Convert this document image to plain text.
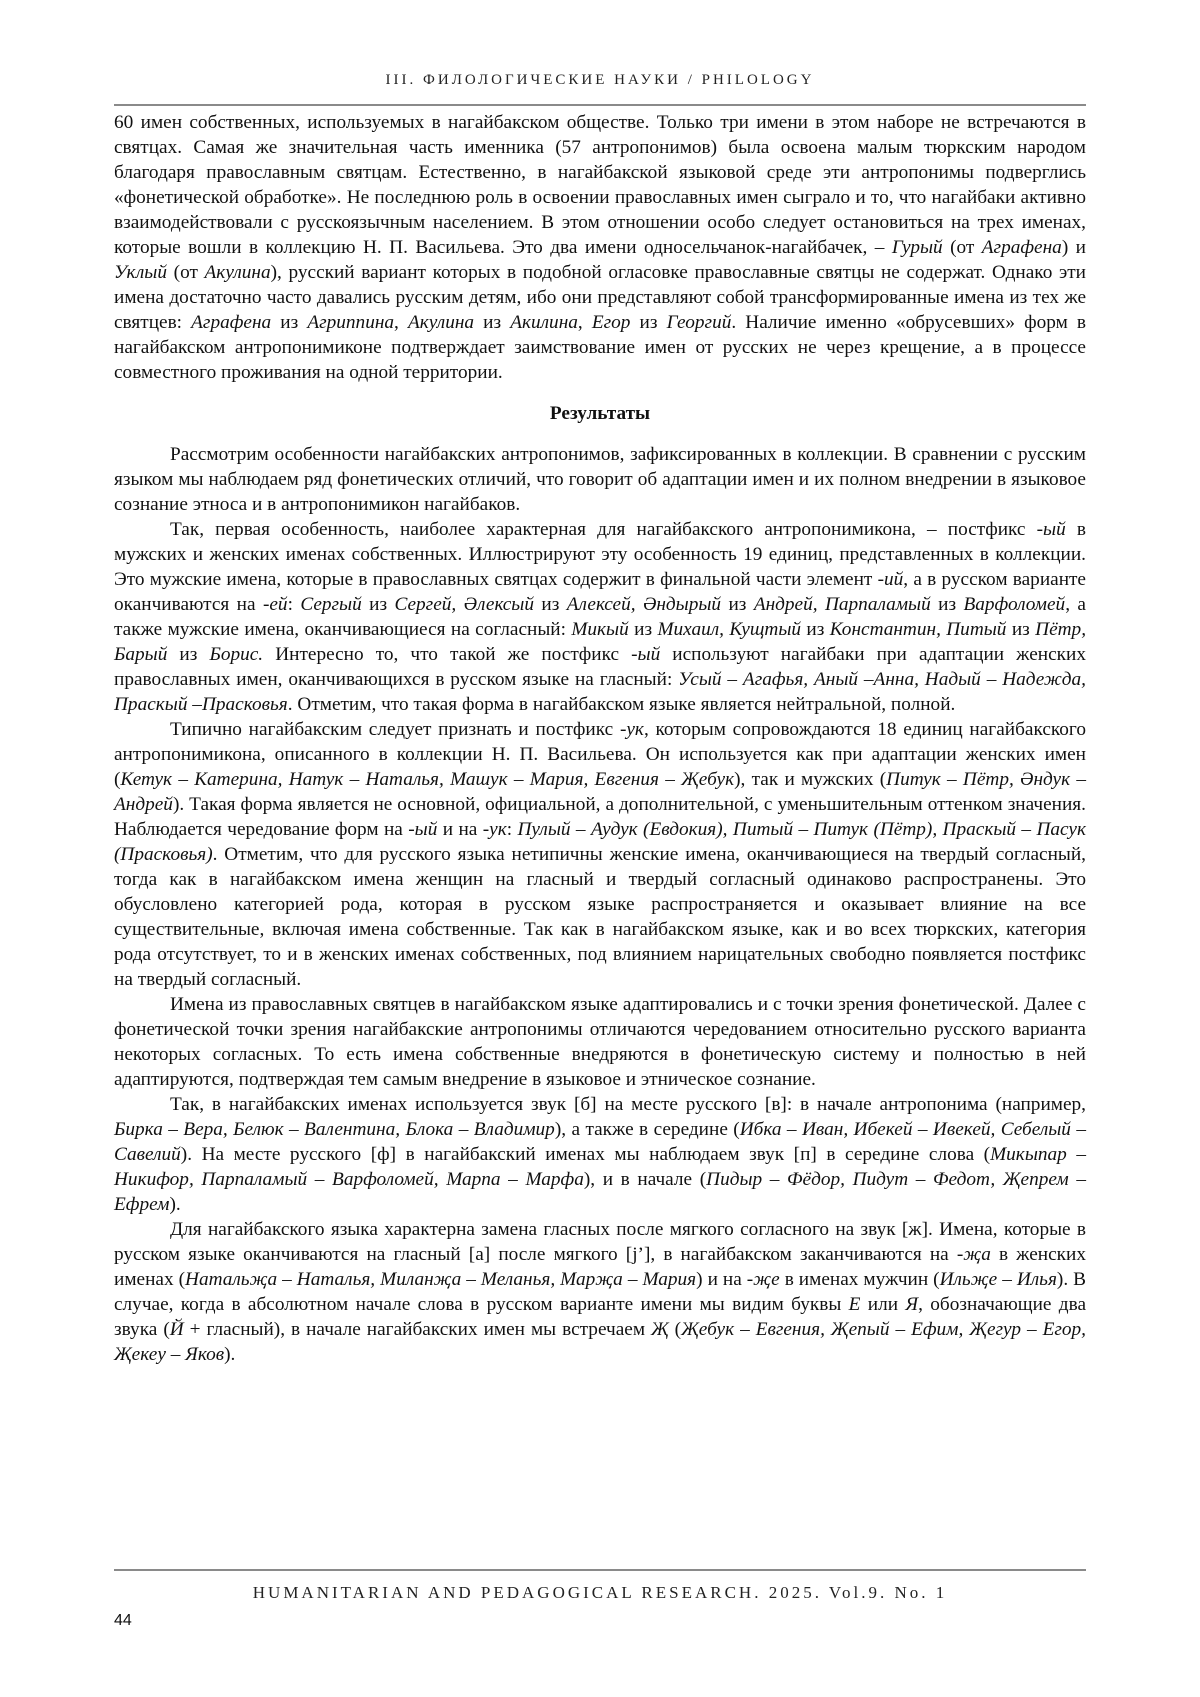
III. ФИЛОЛОГИЧЕСКИЕ НАУКИ / PHILOLOGY

60 имен собственных, используемых в нагайбакском обществе. Только три имени в этом наборе не встречаются в святцах. Самая же значительная часть именника (57 антропонимов) была освоена малым тюркским народом благодаря православным святцам. Естественно, в нагайбакской языковой среде эти антропонимы подверглись «фонетической обработке». Не последнюю роль в освоении православных имен сыграло и то, что нагайбаки активно взаимодействовали с русскоязычным населением. В этом отношении особо следует остановиться на трех именах, которые вошли в коллекцию Н. П. Васильева. Это два имени односельчанок-нагайбачек, – Гурый (от Аграфена) и Уклый (от Акулина), русский вариант которых в подобной огласовке православные святцы не содержат. Однако эти имена достаточно часто давались русским детям, ибо они представляют собой трансформированные имена из тех же святцев: Аграфена из Агриппина, Акулина из Акилина, Егор из Георгий. Наличие именно «обрусевших» форм в нагайбакском антропонимиконе подтверждает заимствование имен от русских не через крещение, а в процессе совместного проживания на одной территории.

Результаты

Рассмотрим особенности нагайбакских антропонимов, зафиксированных в коллекции. В сравнении с русским языком мы наблюдаем ряд фонетических отличий, что говорит об адаптации имен и их полном внедрении в языковое сознание этноса и в антропонимикон нагайбаков.

Так, первая особенность, наиболее характерная для нагайбакского антропонимикона, – постфикс -ый в мужских и женских именах собственных. Иллюстрируют эту особенность 19 единиц, представленных в коллекции. Это мужские имена, которые в православных святцах содержит в финальной части элемент -ий, а в русском варианте оканчиваются на -ей: Сергый из Сергей, Әлексый из Алексей, Әндырый из Андрей, Парпаламый из Варфоломей, а также мужские имена, оканчивающиеся на согласный: Микый из Михаил, Кущтый из Константин, Питый из Пётр, Барый из Борис. Интересно то, что такой же постфикс -ый используют нагайбаки при адаптации женских православных имен, оканчивающихся в русском языке на гласный: Усый – Агафья, Аный –Анна, Надый – Надежда, Праскый –Прасковья. Отметим, что такая форма в нагайбакском языке является нейтральной, полной.

Типично нагайбакским следует признать и постфикс -ук, которым сопровождаются 18 единиц нагайбакского антропонимикона, описанного в коллекции Н. П. Васильева. Он используется как при адаптации женских имен (Кетук – Катерина, Натук – Наталья, Машук – Мария, Евгения – Җебук), так и мужских (Питук – Пётр, Әндук – Андрей). Такая форма является не основной, официальной, а дополнительной, с уменьшительным оттенком значения. Наблюдается чередование форм на -ый и на -ук: Пулый – Аудук (Евдокия), Питый – Питук (Пётр), Праскый – Пасук (Прасковья). Отметим, что для русского языка нетипичны женские имена, оканчивающиеся на твердый согласный, тогда как в нагайбакском имена женщин на гласный и твердый согласный одинаково распространены. Это обусловлено категорией рода, которая в русском языке распространяется и оказывает влияние на все существительные, включая имена собственные. Так как в нагайбакском языке, как и во всех тюркских, категория рода отсутствует, то и в женских именах собственных, под влиянием нарицательных свободно появляется постфикс на твердый согласный.

Имена из православных святцев в нагайбакском языке адаптировались и с точки зрения фонетической. Далее с фонетической точки зрения нагайбакские антропонимы отличаются чередованием относительно русского варианта некоторых согласных. То есть имена собственные внедряются в фонетическую систему и полностью в ней адаптируются, подтверждая тем самым внедрение в языковое и этническое сознание.

Так, в нагайбакских именах используется звук [б] на месте русского [в]: в начале антропонима (например, Бирка – Вера, Белюк – Валентина, Блока – Владимир), а также в середине (Ибка – Иван, Ибекей – Ивекей, Себелый – Савелий). На месте русского [ф] в нагайбакский именах мы наблюдаем звук [п] в середине слова (Микыпар – Никифор, Парпаламый – Варфоломей, Марпа – Марфа), и в начале (Пидыр – Фёдор, Пидут – Федот, Җепрем – Ефрем).

Для нагайбакского языка характерна замена гласных после мягкого согласного на звук [ж]. Имена, которые в русском языке оканчиваются на гласный [а] после мягкого [j’], в нагайбакском заканчиваются на -җа в женских именах (Натальҗа – Наталья, Миланҗа – Меланья, Марҗа – Мария) и на -җе в именах мужчин (Ильҗе – Илья). В случае, когда в абсолютном начале слова в русском варианте имени мы видим буквы Е или Я, обозначающие два звука (Й + гласный), в начале нагайбакских имен мы встречаем Җ (Җебук – Евгения, Җепый – Ефим, Җегур – Егор, Җекеу – Яков).

HUMANITARIAN AND PEDAGOGICAL RESEARCH. 2025. Vol.9. No. 1
44
